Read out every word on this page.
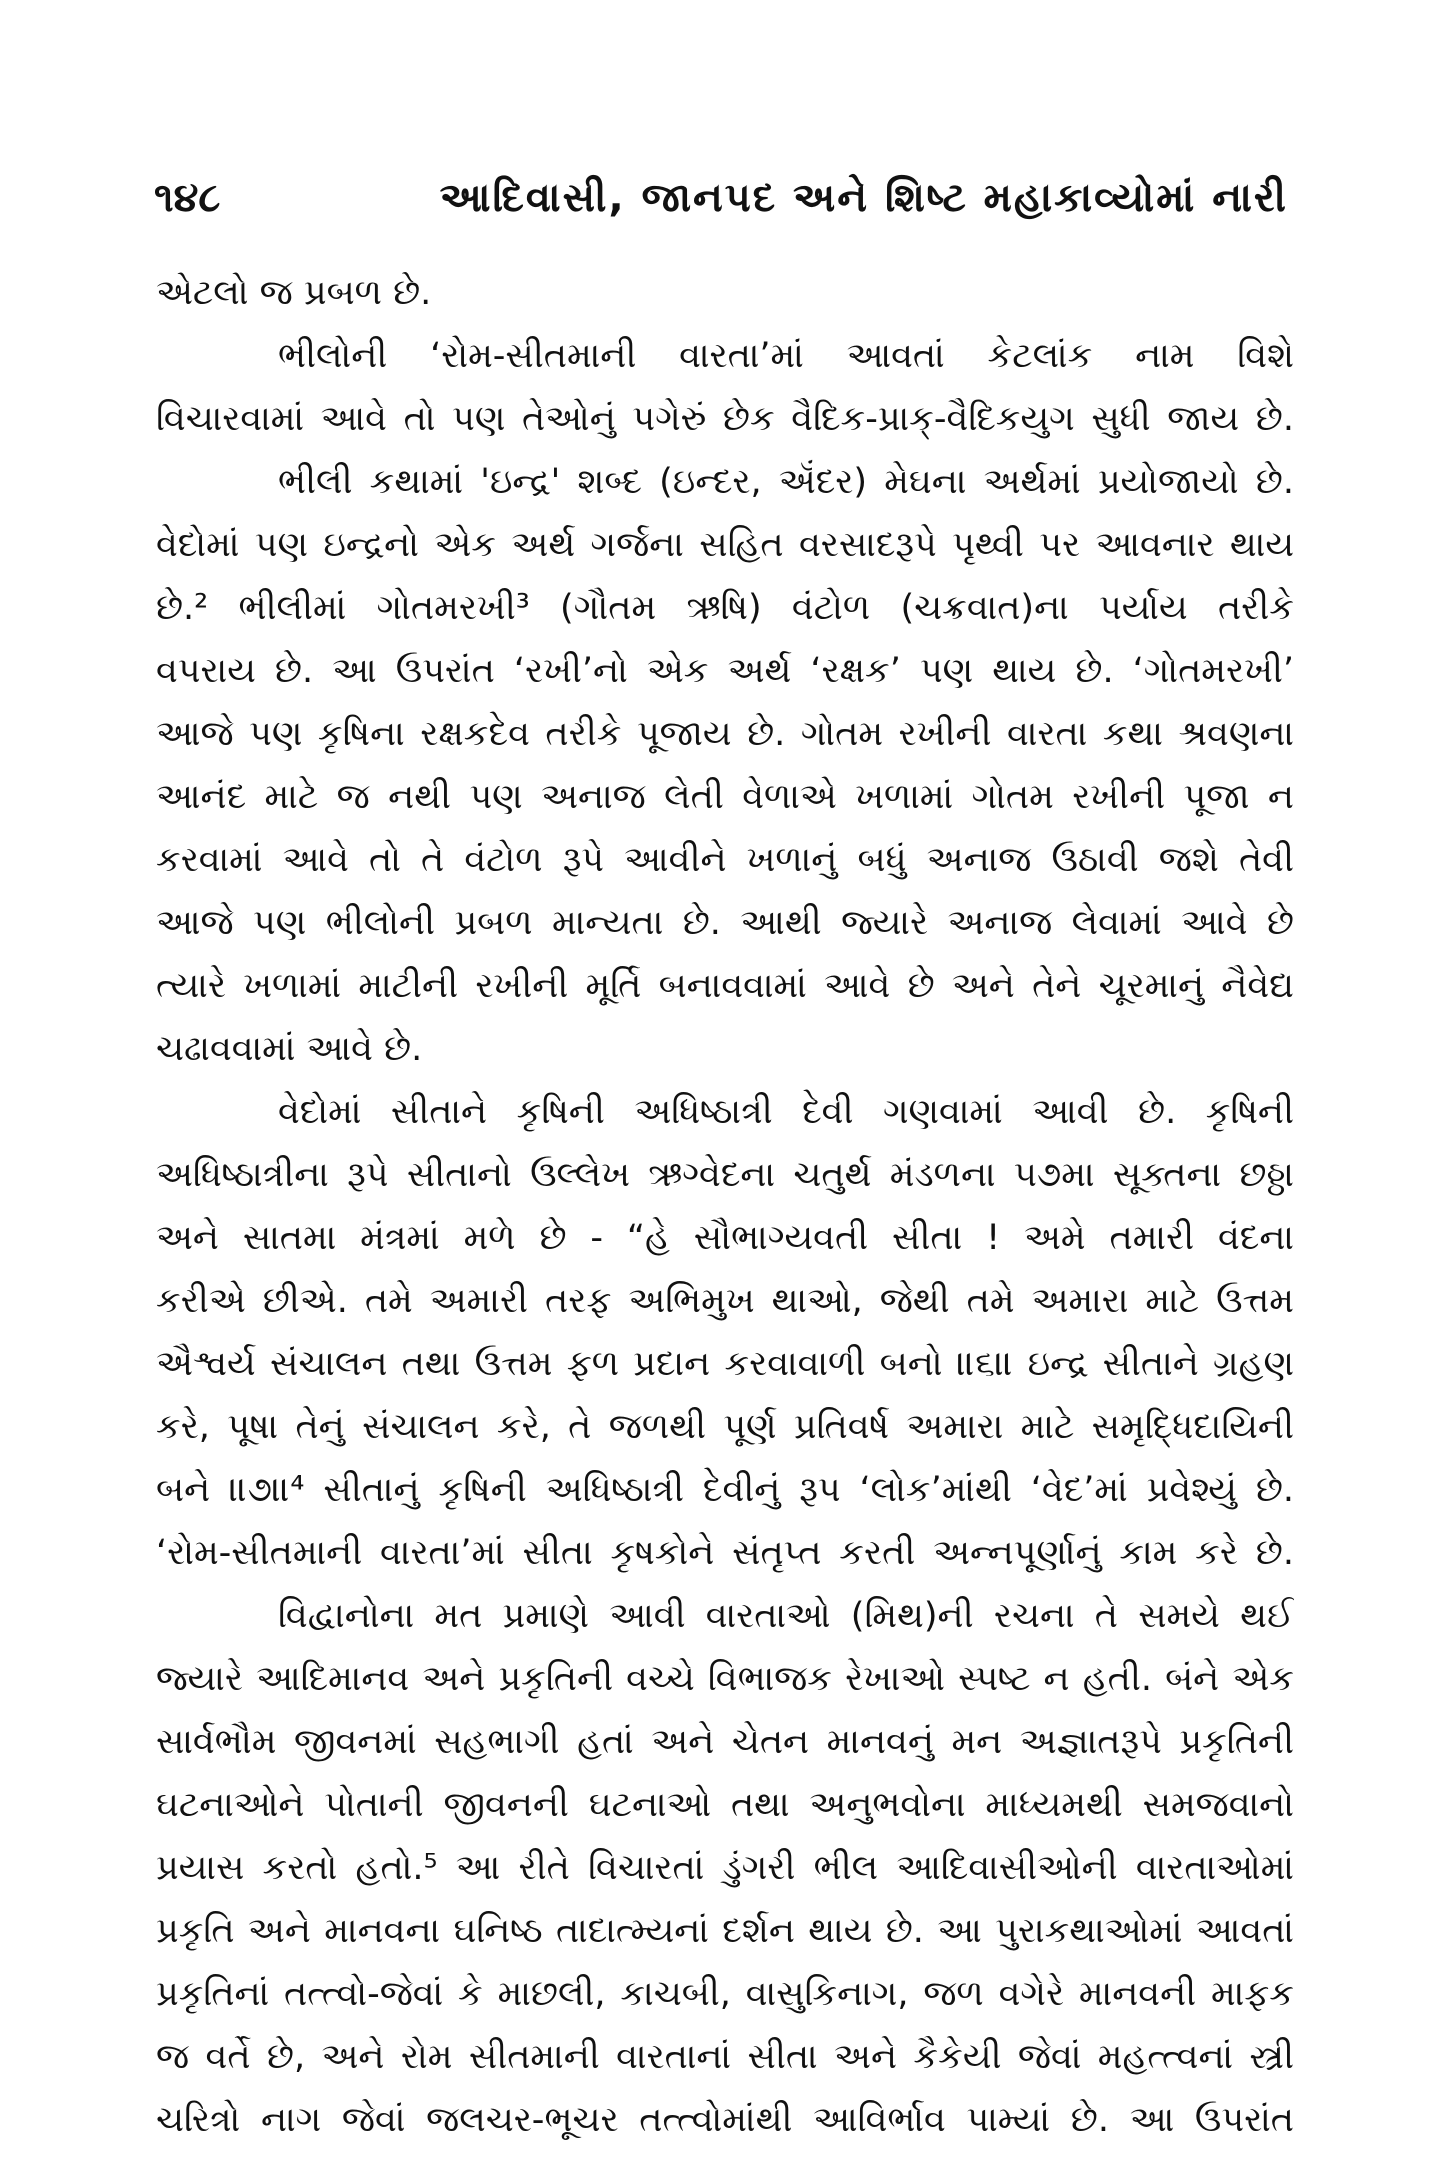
૧૪૮	આદિવાસી, જાનપદ અને શિષ્ટ મહાકાવ્યોમાં નારી
એટલો જ પ્રબળ છે.
ભીલોની ‘રોમ-સીતમાની વારતા’માં આવતાં કેટલાંક નામ વિશે
વિચારવામાં આવે તો પણ તેઓનું પગેરું છેક વૈદિક-પ્રાક્-વૈદિકયુગ સુધી જાય છે.
ભીલી કથામાં 'ઇન્દ્ર' શબ્દ (ઇન્દર, ઍંદર) મેઘના અર્થમાં પ્રયોજાયો છે.
વેદોમાં પણ ઇન્દ્રનો એક અર્થ ગર્જના સહિત વરસાદરૂપે પૃથ્વી પર આવનાર થાય
છે.² ભીલીમાં ગોતમરખી³ (ગૌતમ ઋષિ) વંટોળ (ચક્રવાત)ના પર્યાય તરીકે
વપરાય છે. આ ઉપરાંત ‘રખી’નો એક અર્થ ‘રક્ષક’ પણ થાય છે. ‘ગોતમરખી’
આજે પણ કૃષિના રક્ષકદેવ તરીકે પૂજાય છે. ગોતમ રખીની વારતા કથા શ્રવણના
આનંદ માટે જ નથી પણ અનાજ લેતી વેળાએ ખળામાં ગોતમ રખીની પૂજા ન
કરવામાં આવે તો તે વંટોળ રૂપે આવીને ખળાનું બધું અનાજ ઉઠાવી જશે તેવી
આજે પણ ભીલોની પ્રબળ માન્યતા છે. આથી જ્યારે અનાજ લેવામાં આવે છે
ત્યારે ખળામાં માટીની રખીની મૂર્તિ બનાવવામાં આવે છે અને તેને ચૂરમાનું નૈવેદ્ય
ચઢાવવામાં આવે છે.
વેદોમાં સીતાને કૃષિની અધિષ્ઠાત્રી દેવી ગણવામાં આવી છે. કૃષિની
અધિષ્ઠાત્રીના રૂપે સીતાનો ઉલ્લેખ ઋગ્વેદના ચતુર્થ મંડળના ૫૭મા સૂક્તના છઠ્ઠા
અને સાતમા મંત્રમાં મળે છે - “હે સૌભાગ્યવતી સીતા ! અમે તમારી વંદના
કરીએ છીએ. તમે અમારી તરફ અભિમુખ થાઓ, જેથી તમે અમારા માટે ઉત્તમ
ઐશ્વર્ય સંચાલન તથા ઉત્તમ ફળ પ્રદાન કરવાવાળી બનો ॥૬॥ ઇન્દ્ર સીતાને ગ્રહણ
કરે, પૂષા તેનું સંચાલન કરે, તે જળથી પૂર્ણ પ્રતિવર્ષ અમારા માટે સમૃદ્ધિદાયિની
બને ॥૭॥⁴ સીતાનું કૃષિની અધિષ્ઠાત્રી દેવીનું રૂપ ‘લોક’માંથી ‘વેદ’માં પ્રવેશ્યું છે.
‘રોમ-સીતમાની વારતા’માં સીતા કૃષકોને સંતૃપ્ત કરતી અન્નપૂર્ણાનું કામ કરે છે.
વિદ્વાનોના મત પ્રમાણે આવી વારતાઓ (મિથ)ની રચના તે સમયે થઈ
જ્યારે આદિમાનવ અને પ્રકૃતિની વચ્ચે વિભાજક રેખાઓ સ્પષ્ટ ન હતી. બંને એક
સાર્વભૌમ જીવનમાં સહભાગી હતાં અને ચેતન માનવનું મન અજ્ઞાતરૂપે પ્રકૃતિની
ઘટનાઓને પોતાની જીવનની ઘટનાઓ તથા અનુભવોના માધ્યમથી સમજવાનો
પ્રયાસ કરતો હતો.⁵ આ રીતે વિચારતાં ડુંગરી ભીલ આદિવાસીઓની વારતાઓમાં
પ્રકૃતિ અને માનવના ઘનિષ્ઠ તાદાત્મ્યનાં દર્શન થાય છે. આ પુરાકથાઓમાં આવતાં
પ્રકૃતિનાં તત્ત્વો-જેવાં કે માછલી, કાચબી, વાસુકિનાગ, જળ વગેરે માનવની માફક
જ વર્તે છે, અને રોમ સીતમાની વારતાનાં સીતા અને કૈકેયી જેવાં મહત્ત્વનાં સ્ત્રી
ચરિત્રો નાગ જેવાં જલચર-ભૂચર તત્ત્વોમાંથી આવિર્ભાવ પામ્યાં છે. આ ઉપરાંત
